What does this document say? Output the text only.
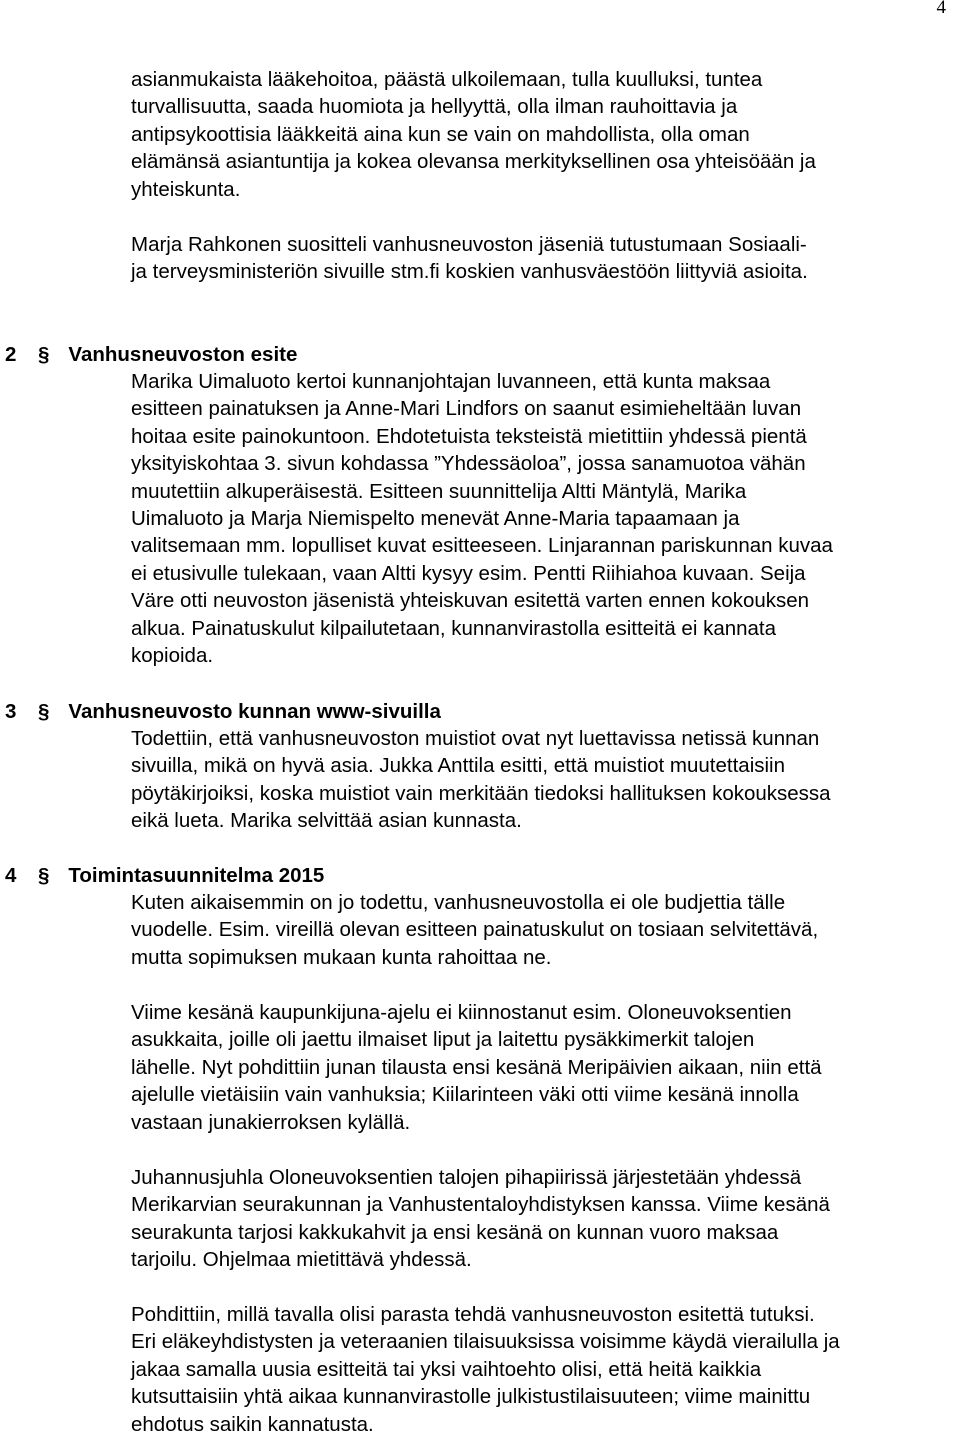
4
asianmukaista lääkehoitoa, päästä ulkoilemaan, tulla kuulluksi, tuntea
turvallisuutta, saada huomiota ja hellyyttä, olla ilman rauhoittavia ja
antipsykoottisia lääkkeitä aina kun se vain on mahdollista, olla oman
elämänsä asiantuntija ja kokea olevansa merkityksellinen osa yhteisöään ja
yhteiskunta.
Marja Rahkonen suositteli vanhusneuvoston jäseniä tutustumaan Sosiaali-
ja terveysministeriön sivuille stm.fi koskien vanhusväestöön liittyviä asioita.
2 § Vanhusneuvoston esite
Marika Uimaluoto kertoi kunnanjohtajan luvanneen, että kunta maksaa
esitteen painatuksen ja Anne-Mari Lindfors on saanut esimieheltään luvan
hoitaa esite painokuntoon. Ehdotetuista teksteistä mietittiin yhdessä pientä
yksityiskohtaa 3. sivun kohdassa ”Yhdessäoloa”, jossa sanamuotoa vähän
muutettiin alkuperäisestä. Esitteen suunnittelija Altti Mäntylä, Marika
Uimaluoto ja Marja Niemispelto menevät Anne-Maria tapaamaan ja
valitsemaan mm. lopulliset kuvat esitteeseen. Linjarannan pariskunnan kuvaa
ei etusivulle tulekaan, vaan Altti kysyy esim. Pentti Riihiahoa kuvaan. Seija
Väre otti neuvoston jäsenistä yhteiskuvan esitettä varten ennen kokouksen
alkua. Painatuskulut kilpailutetaan, kunnanvirastolla esitteitä ei kannata
kopioida.
3 § Vanhusneuvosto kunnan www-sivuilla
Todettiin, että vanhusneuvoston muistiot ovat nyt luettavissa netissä kunnan
sivuilla, mikä on hyvä asia. Jukka Anttila esitti, että muistiot muutettaisiin
pöytäkirjoiksi, koska muistiot vain merkitään tiedoksi hallituksen kokouksessa
eikä lueta. Marika selvittää asian kunnasta.
4 § Toimintasuunnitelma 2015
Kuten aikaisemmin on jo todettu, vanhusneuvostolla ei ole budjettia tälle
vuodelle. Esim. vireillä olevan esitteen painatuskulut on tosiaan selvitettävä,
mutta sopimuksen mukaan kunta rahoittaa ne.
Viime kesänä kaupunkijuna-ajelu ei kiinnostanut esim. Oloneuvoksentien
asukkaita, joille oli jaettu ilmaiset liput ja laitettu pysäkkimerkit talojen
lähelle. Nyt pohdittiin junan tilausta ensi kesänä Meripäivien aikaan, niin että
ajelulle vietäisiin vain vanhuksia; Kiilarinteen väki otti viime kesänä innolla
vastaan junakierroksen kylällä.
Juhannusjuhla Oloneuvoksentien talojen pihapiirissä järjestetään yhdessä
Merikarvian seurakunnan ja Vanhustentaloyhdistyksen kanssa. Viime kesänä
seurakunta tarjosi kakkukahvit ja ensi kesänä on kunnan vuoro maksaa
tarjoilu. Ohjelmaa mietittävä yhdessä.
Pohdittiin, millä tavalla olisi parasta tehdä vanhusneuvoston esitettä tutuksi.
Eri eläkeyhdistysten ja veteraanien tilaisuuksissa voisimme käydä vierailulla ja
jakaa samalla uusia esitteitä tai yksi vaihtoehto olisi, että heitä kaikkia
kutsuttaisiin yhtä aikaa kunnanvirastolle julkistustilaisuuteen; viime mainittu
ehdotus saikin kannatusta.
